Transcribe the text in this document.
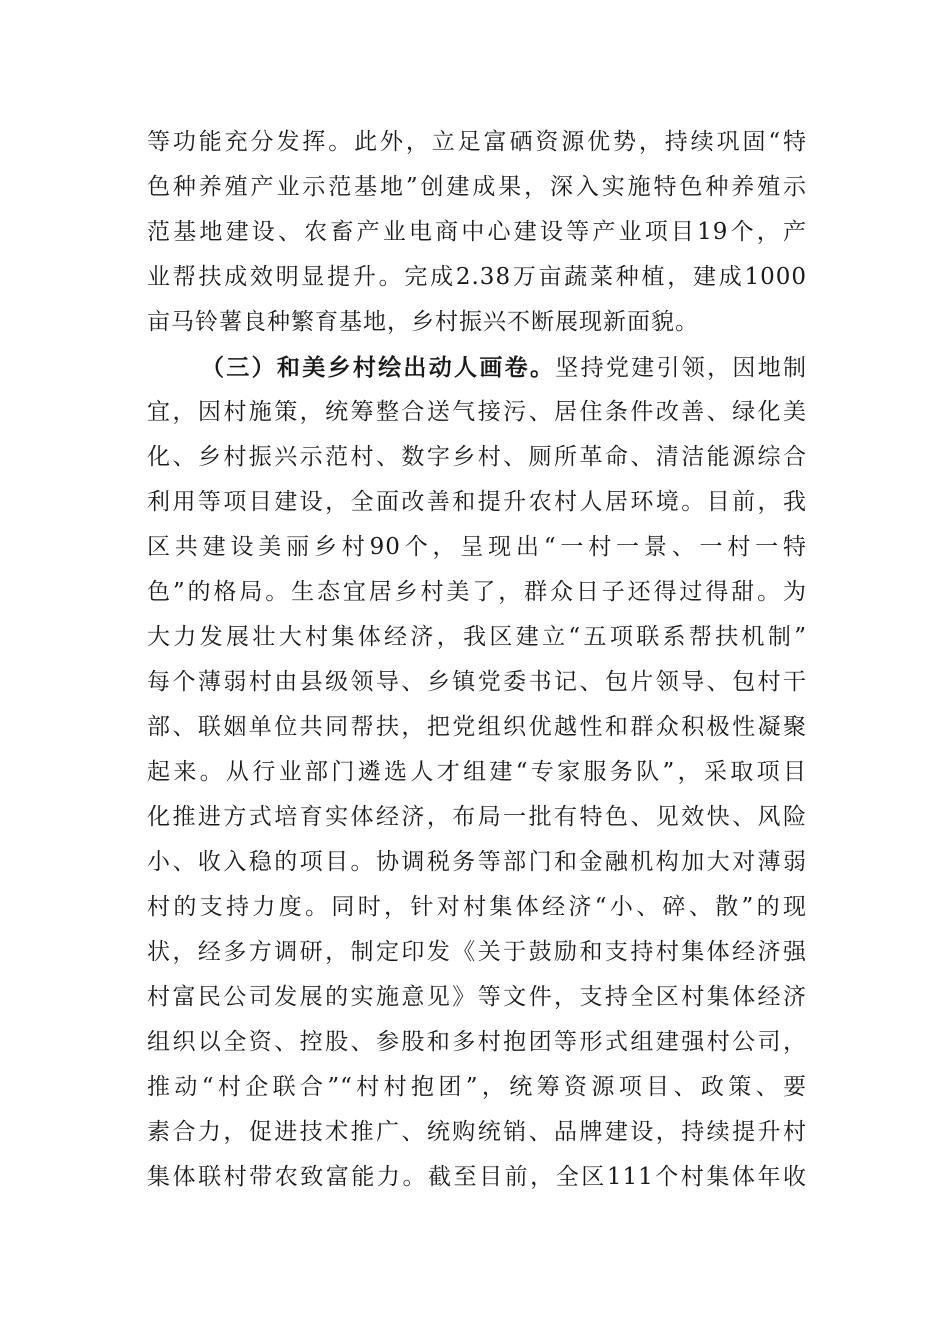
等功能充分发挥。此外，立足富硒资源优势，持续巩固“特
色种养殖产业示范基地”创建成果，深入实施特色种养殖示
范基地建设、农畜产业电商中心建设等产业项目19个，产
业帮扶成效明显提升。完成2.38万亩蔬菜种植，建成1000
亩马铃薯良种繁育基地，乡村振兴不断展现新面貌。
（三）和美乡村绘出动人画卷。坚持党建引领，因地制
宜，因村施策，统筹整合送气接污、居住条件改善、绿化美
化、乡村振兴示范村、数字乡村、厕所革命、清洁能源综合
利用等项目建设，全面改善和提升农村人居环境。目前，我
区共建设美丽乡村90个，呈现出“一村一景、一村一特
色”的格局。生态宜居乡村美了，群众日子还得过得甜。为
大力发展壮大村集体经济，我区建立“五项联系帮扶机制”
每个薄弱村由县级领导、乡镇党委书记、包片领导、包村干
部、联姻单位共同帮扶，把党组织优越性和群众积极性凝聚
起来。从行业部门遴选人才组建“专家服务队”，采取项目
化推进方式培育实体经济，布局一批有特色、见效快、风险
小、收入稳的项目。协调税务等部门和金融机构加大对薄弱
村的支持力度。同时，针对村集体经济“小、碎、散”的现
状，经多方调研，制定印发《关于鼓励和支持村集体经济强
村富民公司发展的实施意见》等文件，支持全区村集体经济
组织以全资、控股、参股和多村抱团等形式组建强村公司，
推动“村企联合”“村村抱团”，统筹资源项目、政策、要
素合力，促进技术推广、统购统销、品牌建设，持续提升村
集体联村带农致富能力。截至目前，全区111个村集体年收
